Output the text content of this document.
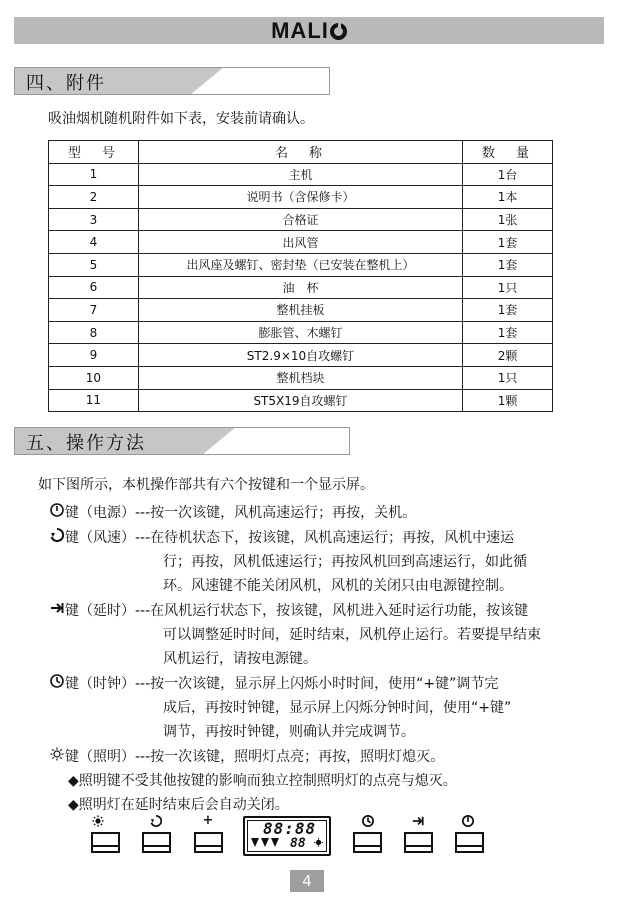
MALI
四、附件
吸油烟机随机附件如下表，安装前请确认。
型　号	名　称	数　量
1	主机	1台
2	说明书（含保修卡）	1本
3	合格证	1张
4	出风管	1套
5	出风座及螺钉、密封垫（已安装在整机上）	1套
6	油　杯	1只
7	整机挂板	1套
8	膨胀管、木螺钉	1套
9	ST2.9×10自攻螺钉	2颗
10	整机档块	1只
11	ST5X19自攻螺钉	1颗
五、操作方法
如下图所示，本机操作部共有六个按键和一个显示屏。
键（电源）---按一次该键，风机高速运行；再按，关机。
键（风速）---在待机状态下，按该键，风机高速运行；再按，风机中速运
行；再按，风机低速运行；再按风机回到高速运行，如此循
环。风速键不能关闭风机，风机的关闭只由电源键控制。
键（延时）---在风机运行状态下，按该键，风机进入延时运行功能，按该键
可以调整延时时间，延时结束，风机停止运行。若要提早结束
风机运行，请按电源键。
键（时钟）---按一次该键，显示屏上闪烁小时时间，使用“+键”调节完
成后，再按时钟键，显示屏上闪烁分钟时间，使用“+键”
调节，再按时钟键，则确认并完成调节。
键（照明）---按一次该键，照明灯点亮；再按，照明灯熄灭。
◆照明键不受其他按键的影响而独立控制照明灯的点亮与熄灭。
◆照明灯在延时结束后会自动关闭。
+	88:88
88
4
